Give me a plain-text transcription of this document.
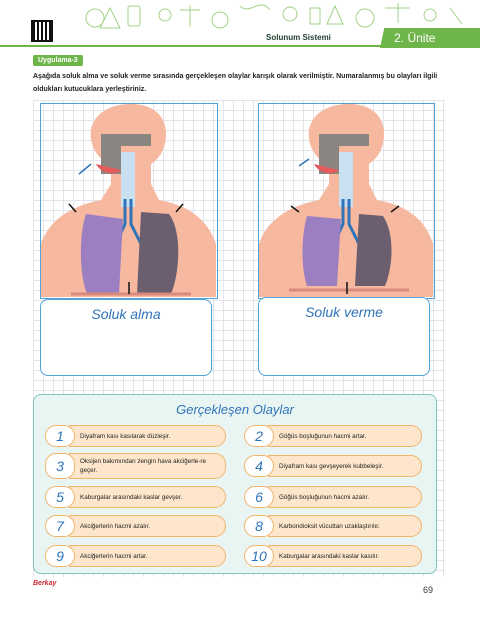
Solunum Sistemi	2. Ünite
Uygulama-3
Aşağıda soluk alma ve soluk verme sırasında gerçekleşen olaylar karışık olarak verilmiştir. Numaralanmış bu olayları ilgili oldukları kutucuklara yerleştiriniz.
Soluk alma	Soluk verme
Gerçekleşen Olaylar
Diyafram kası kasılarak düzleşir.
1	Göğüs boşluğunun hacmi artar.
2
Oksijen bakımından zengin hava akciğerle-re geçer.
3	Diyafram kası gevşeyerek kubbeleşir.
4
Kaburgalar arasındaki kaslar gevşer.
5	Göğüs boşluğunun hacmi azalır.
6
Akciğerlerin hacmi azalır.
7	Karbondioksit vücuttan uzaklaştırılır.
8
Akciğerlerin hacmi artar.
9	Kaburgalar arasındaki kaslar kasılır.
10
Berkay
69
